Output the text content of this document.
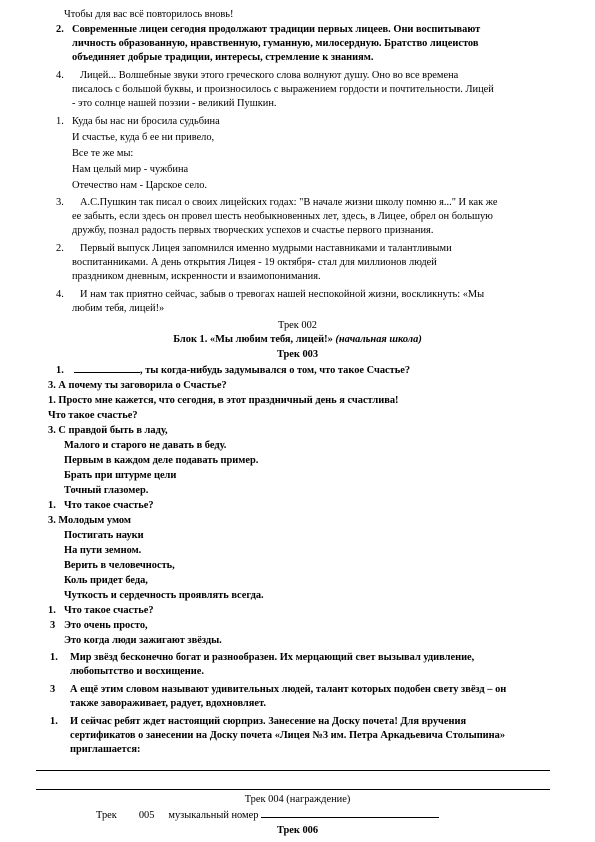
Чтобы для вас всё повторилось вновь!
2. Современные лицеи сегодня продолжают традиции первых лицеев. Они воспитывают
личность образованную, нравственную, гуманную, милосердную. Братство лицеистов
объединяет добрые традиции, интересы, стремление к знаниям.
4. Лицей... Волшебные звуки этого греческого слова волнуют душу. Оно во все времена
писалось с большой буквы, и произносилось с выражением гордости и почтительности. Лицей
- это солнце нашей поэзии - великий Пушкин.
1. Куда бы нас ни бросила судьбина
И счастье, куда б ее ни привело,
Все те же мы:
Нам целый мир - чужбина
Отечество нам - Царское село.
3. А.С.Пушкин так писал о своих лицейских годах: "В начале жизни школу помню я..." И как же
ее забыть, если здесь он провел шесть необыкновенных лет, здесь, в Лицее, обрел он большую
дружбу, познал радость первых творческих успехов и счастье первого признания.
2. Первый выпуск Лицея запомнился именно мудрыми наставниками и талантливыми
воспитанниками. А день открытия Лицея - 19 октября- стал для миллионов людей
праздником дневным, искренности и взаимопонимания.
4. И нам так приятно сейчас, забыв о тревогах нашей неспокойной жизни, воскликнуть: «Мы
любим тебя, лицей!»
Трек 002
Блок 1. «Мы любим тебя, лицей!» (начальная школа)
Трек 003
1.	, ты когда-нибудь задумывался о том, что такое Счастье?
3. А почему ты заговорила о Счастье?
1. Просто мне кажется, что сегодня, в этот праздничный день я счастлива!
Что такое счастье?
3. С правдой быть в ладу,
Малого и старого не давать в беду.
Первым в каждом деле подавать пример.
Брать при штурме цели
Точный глазомер.
1. Что такое счастье?
3. Молодым умом
Постигать науки
На пути земном.
Верить в человечность,
Коль придет беда,
Чуткость и сердечность проявлять всегда.
1. Что такое счастье?
3 Это очень просто,
Это когда люди зажигают звёзды.
1. Мир звёзд бесконечно богат и разнообразен. Их мерцающий свет вызывал удивление,
любопытство и восхищение.
3 А ещё этим словом называют удивительных людей, талант которых подобен свету звёзд – он
также завораживает, радует, вдохновляет.
1. И сейчас ребят ждет настоящий сюрприз. Занесение на Доску почета! Для вручения
сертификатов о занесении на Доску почета «Лицея №3 им. Петра Аркадьевича Столыпина»
приглашается:
Трек 004 (награждение)
Трек 005 музыкальный номер
Трек 006
